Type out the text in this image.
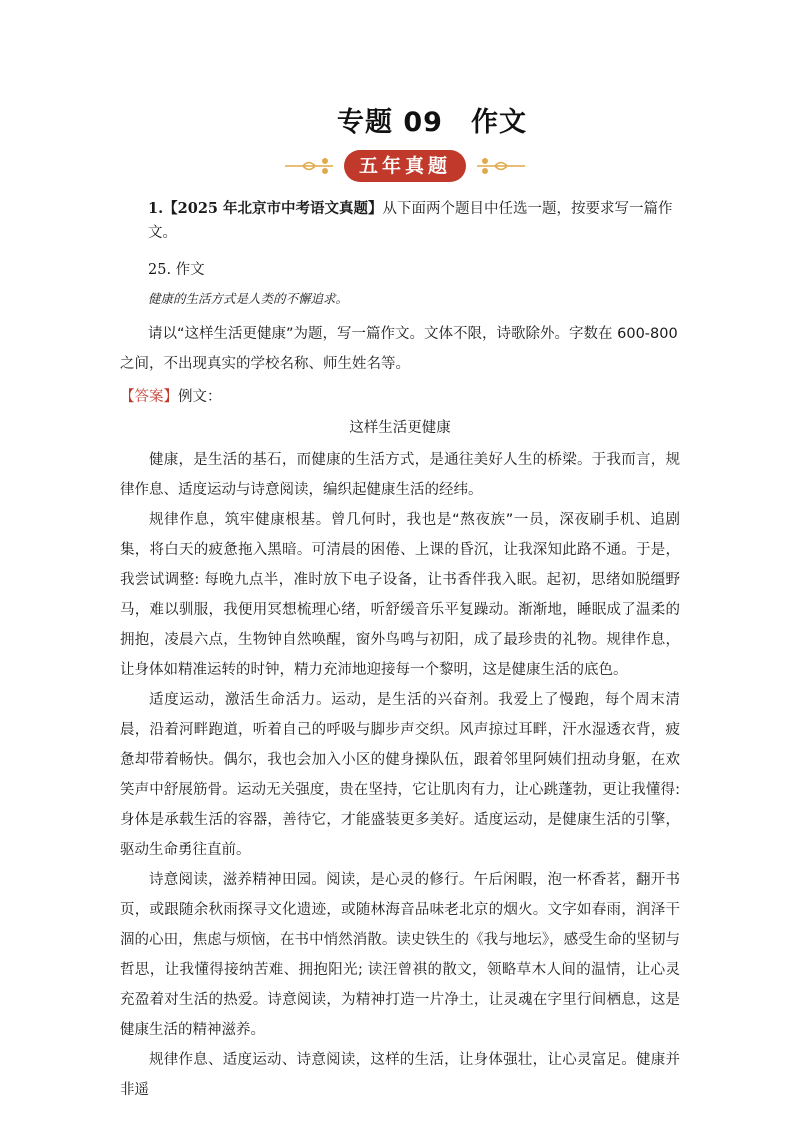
专题 09　作文
五年真题

1.【2025 年北京市中考语文真题】从下面两个题目中任选一题，按要求写一篇作文。

25. 作文

健康的生活方式是人类的不懈追求。

请以“这样生活更健康”为题，写一篇作文。文体不限，诗歌除外。字数在 600-800 之间，不出现真实的学校名称、师生姓名等。

【答案】例文：

这样生活更健康

健康，是生活的基石，而健康的生活方式，是通往美好人生的桥梁。于我而言，规律作息、适度运动与诗意阅读，编织起健康生活的经纬。

规律作息，筑牢健康根基。曾几何时，我也是“熬夜族”一员，深夜刷手机、追剧集，将白天的疲惫拖入黑暗。可清晨的困倦、上课的昏沉，让我深知此路不通。于是，我尝试调整: 每晚九点半，准时放下电子设备，让书香伴我入眠。起初，思绪如脱缰野马，难以驯服，我便用冥想梳理心绪，听舒缓音乐平复躁动。渐渐地，睡眠成了温柔的拥抱，凌晨六点，生物钟自然唤醒，窗外鸟鸣与初阳，成了最珍贵的礼物。规律作息，让身体如精准运转的时钟，精力充沛地迎接每一个黎明，这是健康生活的底色。

适度运动，激活生命活力。运动，是生活的兴奋剂。我爱上了慢跑，每个周末清晨，沿着河畔跑道，听着自己的呼吸与脚步声交织。风声掠过耳畔，汗水湿透衣背，疲惫却带着畅快。偶尔，我也会加入小区的健身操队伍，跟着邻里阿姨们扭动身躯，在欢笑声中舒展筋骨。运动无关强度，贵在坚持，它让肌肉有力，让心跳蓬勃，更让我懂得: 身体是承载生活的容器，善待它，才能盛装更多美好。适度运动，是健康生活的引擎，驱动生命勇往直前。

诗意阅读，滋养精神田园。阅读，是心灵的修行。午后闲暇，泡一杯香茗，翻开书页，或跟随余秋雨探寻文化遗迹，或随林海音品味老北京的烟火。文字如春雨，润泽干涸的心田，焦虑与烦恼，在书中悄然消散。读史铁生的《我与地坛》，感受生命的坚韧与哲思，让我懂得接纳苦难、拥抱阳光; 读汪曾祺的散文，领略草木人间的温情，让心灵充盈着对生活的热爱。诗意阅读，为精神打造一片净土，让灵魂在字里行间栖息，这是健康生活的精神滋养。

规律作息、适度运动、诗意阅读，这样的生活，让身体强壮，让心灵富足。健康并非遥
